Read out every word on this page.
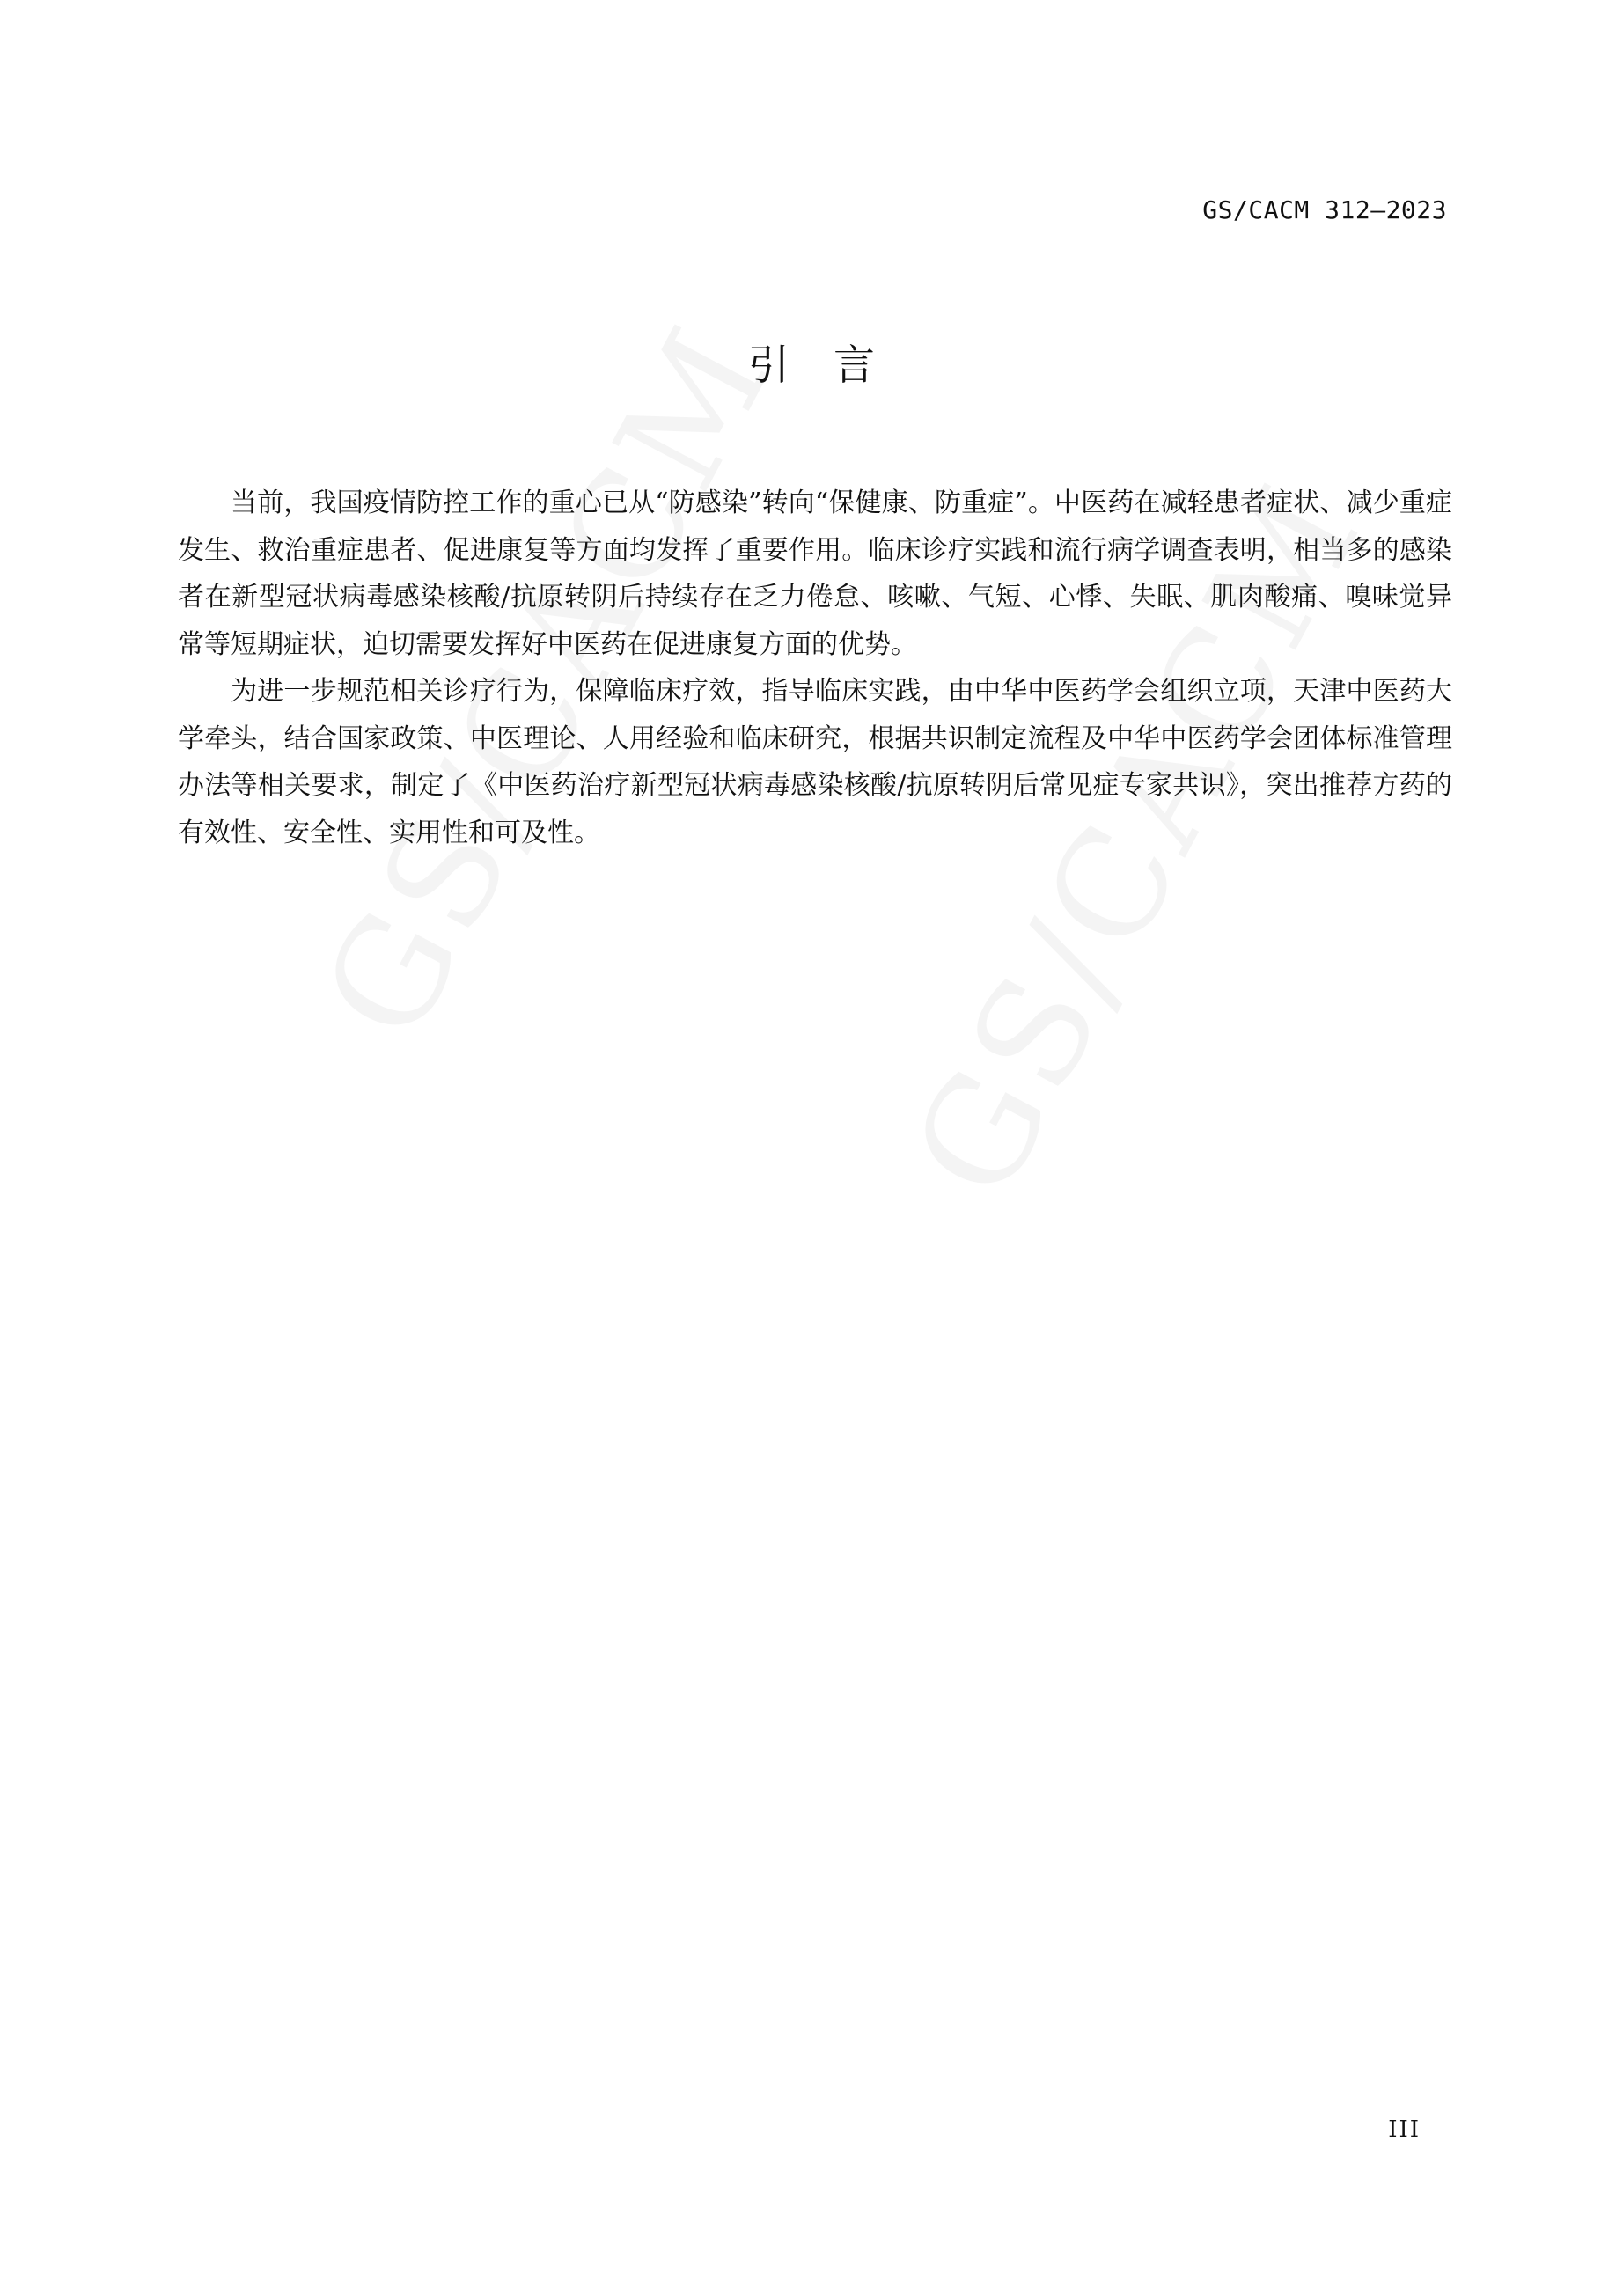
GS/CACM 312—2023
引言

当前，我国疫情防控工作的重心已从“防感染”转向“保健康、防重症”。中医药在减轻患者症状、减少重症发生、救治重症患者、促进康复等方面均发挥了重要作用。临床诊疗实践和流行病学调查表明，相当多的感染者在新型冠状病毒感染核酸/抗原转阴后持续存在乏力倦怠、咳嗽、气短、心悸、失眠、肌肉酸痛、嗅味觉异常等短期症状，迫切需要发挥好中医药在促进康复方面的优势。

为进一步规范相关诊疗行为，保障临床疗效，指导临床实践，由中华中医药学会组织立项，天津中医药大学牵头，结合国家政策、中医理论、人用经验和临床研究，根据共识制定流程及中华中医药学会团体标准管理办法等相关要求，制定了《中医药治疗新型冠状病毒感染核酸/抗原转阴后常见症专家共识》，突出推荐方药的有效性、安全性、实用性和可及性。

III
